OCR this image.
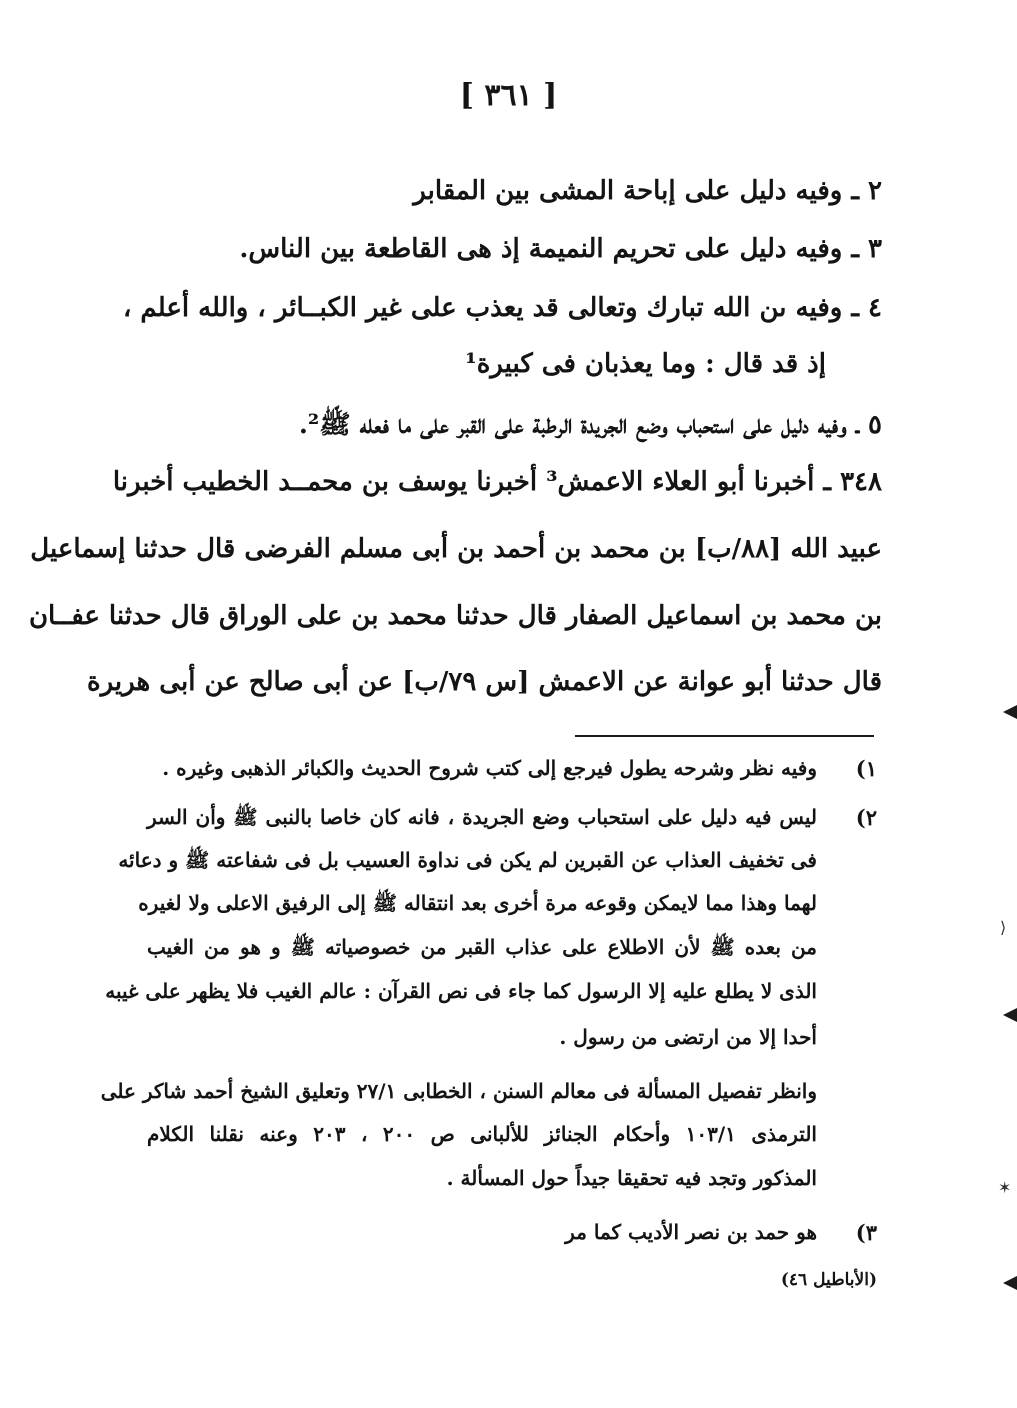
[ ٣٦١ ]
٢ ـ وفيه دليل على إباحة المشى بين المقابر
٣ ـ وفيه دليل على تحريم النميمة إذ هى القاطعة بين الناس.
٤ ـ وفيه ىن الله تبارك وتعالى قد يعذب على غير الكبــائر ، والله أعلم ،
إذ قد قال : وما يعذبان فى كبيرة¹
٥ ـ وفيه دليل على استحباب وضع الجريدة الرطبة على القبر على ما فعله ﷺ².
٣٤٨ ـ أخبرنا أبو العلاء الاعمش³ أخبرنا يوسف بن محمــد الخطيب أخبرنا
عبيد الله [٨٨/ب] بن محمد بن أحمد بن أبى مسلم الفرضى قال حدثنا إسماعيل
بن محمد بن اسماعيل الصفار قال حدثنا محمد بن على الوراق قال حدثنا عفــان
قال حدثنا أبو عوانة عن الاعمش [س ٧٩/ب] عن أبى صالح عن أبى هريرة
١)
وفيه نظر وشرحه يطول فيرجع إلى كتب شروح الحديث والكبائر الذهبى وغيره .
٢)
ليس فيه دليل على استحباب وضع الجريدة ، فانه كان خاصا بالنبى ﷺ وأن السر
فى تخفيف العذاب عن القبرين لم يكن فى نداوة العسيب بل فى شفاعته ﷺ و دعائه
لهما وهذا مما لايمكن وقوعه مرة أخرى بعد انتقاله ﷺ إلى الرفيق الاعلى ولا لغيره
من بعده ﷺ لأن الاطلاع على عذاب القبر من خصوصياته ﷺ و هو من الغيب
الذى لا يطلع عليه إلا الرسول كما جاء فى نص القرآن : عالم الغيب فلا يظهر على غيبه
أحدا إلا من ارتضى من رسول .
وانظر تفصيل المسألة فى معالم السنن ، الخطابى ٢٧/١ وتعليق الشيخ أحمد شاكر على
الترمذى ١٠٣/١ وأحكام الجنائز للألبانى ص ٢٠٠ ، ٢٠٣ وعنه نقلنا الكلام
المذكور وتجد فيه تحقيقا جيداً حول المسألة .
٣)
هو حمد بن نصر الأديب كما مر
(الأباطيل ٤٦)
⟩
✶
